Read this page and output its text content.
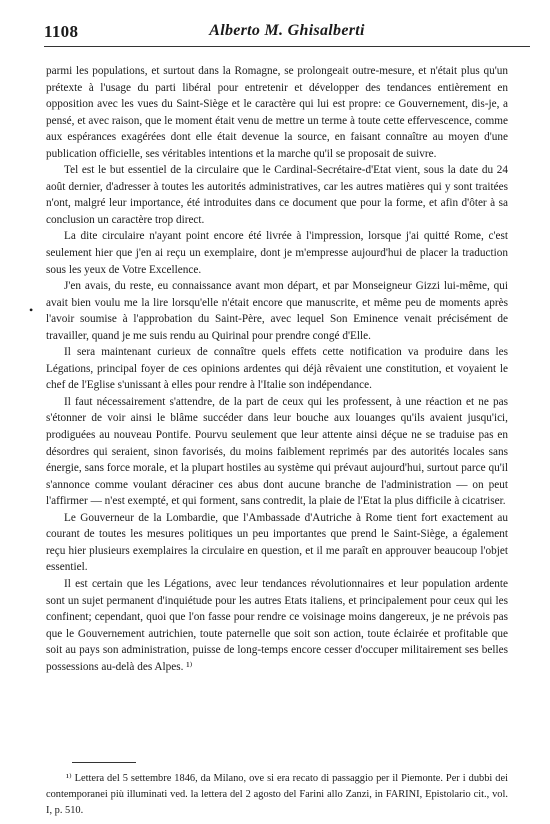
1108	Alberto M. Ghisalberti
•

parmi les populations, et surtout dans la Romagne, se prolongeait outre-mesure, et n'était plus qu'un prétexte à l'usage du parti libéral pour entretenir et développer des tendances entièrement en opposition avec les vues du Saint-Siège et le caractère qui lui est propre: ce Gouvernement, dis-je, a pensé, et avec raison, que le moment était venu de mettre un terme à toute cette effervescence, comme aux espérances exagérées dont elle était devenue la source, en faisant connaître au moyen d'une publication officielle, ses véritables intentions et la marche qu'il se proposait de suivre.

Tel est le but essentiel de la circulaire que le Cardinal-Secrétaire-d'Etat vient, sous la date du 24 août dernier, d'adresser à toutes les autorités administratives, car les autres matières qui y sont traitées n'ont, malgré leur importance, été introduites dans ce document que pour la forme, et afin d'ôter à sa conclusion un caractère trop direct.

La dite circulaire n'ayant point encore été livrée à l'impression, lorsque j'ai quitté Rome, c'est seulement hier que j'en ai reçu un exemplaire, dont je m'empresse aujourd'hui de placer la traduction sous les yeux de Votre Excellence.

J'en avais, du reste, eu connaissance avant mon départ, et par Monseigneur Gizzi lui-même, qui avait bien voulu me la lire lorsqu'elle n'était encore que manuscrite, et même peu de moments après l'avoir soumise à l'approbation du Saint-Père, avec lequel Son Eminence venait précisément de travailler, quand je me suis rendu au Quirinal pour prendre congé d'Elle.

Il sera maintenant curieux de connaître quels effets cette notification va produire dans les Légations, principal foyer de ces opinions ardentes qui déjà rêvaient une constitution, et voyaient le chef de l'Eglise s'unissant à elles pour rendre à l'Italie son indépendance.

Il faut nécessairement s'attendre, de la part de ceux qui les professent, à une réaction et ne pas s'étonner de voir ainsi le blâme succéder dans leur bouche aux louanges qu'ils avaient jusqu'ici, prodiguées au nouveau Pontife. Pourvu seulement que leur attente ainsi déçue ne se traduise pas en désordres qui seraient, sinon favorisés, du moins faiblement reprimés par des autorités locales sans énergie, sans force morale, et la plupart hostiles au système qui prévaut aujourd'hui, surtout parce qu'il s'annonce comme voulant déraciner ces abus dont aucune branche de l'administration — on peut l'affirmer — n'est exempté, et qui forment, sans contredit, la plaie de l'Etat la plus difficile à cicatriser.

Le Gouverneur de la Lombardie, que l'Ambassade d'Autriche à Rome tient fort exactement au courant de toutes les mesures politiques un peu importantes que prend le Saint-Siège, a également reçu hier plusieurs exemplaires la circulaire en question, et il me paraît en approuver beaucoup l'objet essentiel.

Il est certain que les Légations, avec leur tendances révolutionnaires et leur population ardente sont un sujet permanent d'inquiétude pour les autres Etats italiens, et principalement pour ceux qui les confinent; cependant, quoi que l'on fasse pour rendre ce voisinage moins dangereux, je ne prévois pas que le Gouvernement autrichien, toute paternelle que soit son action, toute éclairée et profitable que soit au pays son administration, puisse de long-temps encore cesser d'occuper militairement ses belles possessions au-delà des Alpes. ¹⁾

¹⁾ Lettera del 5 settembre 1846, da Milano, ove si era recato di passaggio per il Piemonte. Per i dubbi dei contemporanei più illuminati ved. la lettera del 2 agosto del Farini allo Zanzi, in FARINI, Epistolario cit., vol. I, p. 510.
